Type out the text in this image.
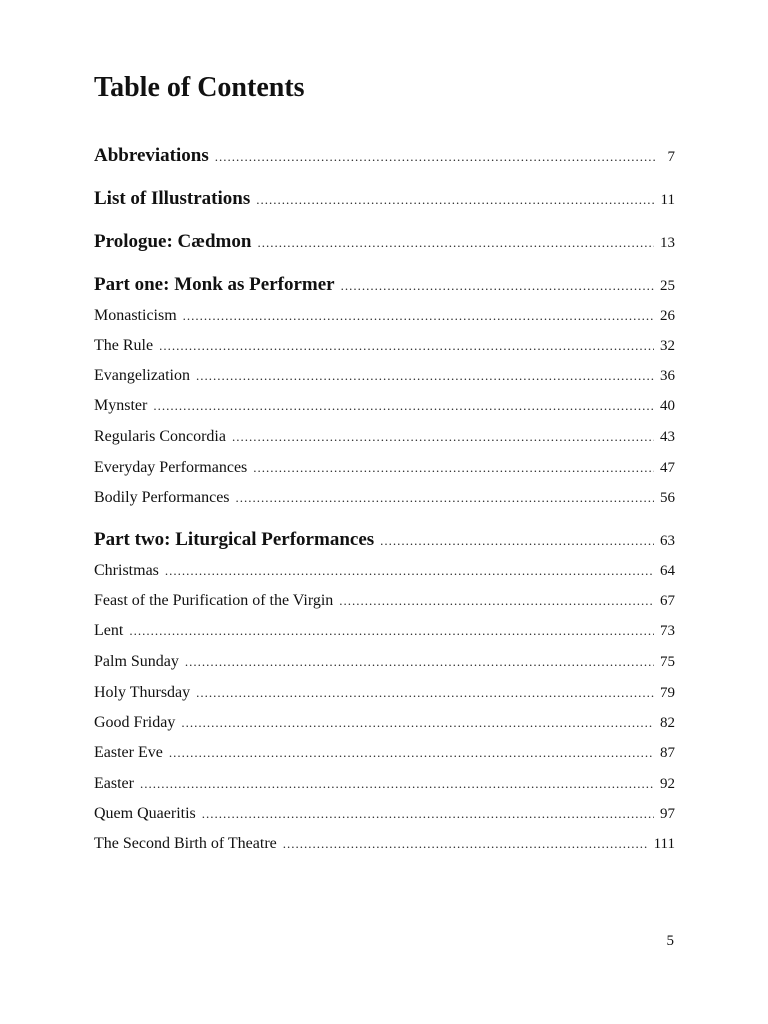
Table of Contents
Abbreviations .....	7
List of Illustrations .....	11
Prologue: Cædmon .....	13
Part one: Monk as Performer .....	25
Monasticism .....	26
The Rule .....	32
Evangelization .....	36
Mynster .....	40
Regularis Concordia .....	43
Everyday Performances .....	47
Bodily Performances .....	56
Part two: Liturgical Performances .....	63
Christmas .....	64
Feast of the Purification of the Virgin .....	67
Lent .....	73
Palm Sunday .....	75
Holy Thursday .....	79
Good Friday .....	82
Easter Eve .....	87
Easter .....	92
Quem Quaeritis .....	97
The Second Birth of Theatre .....	111
5
